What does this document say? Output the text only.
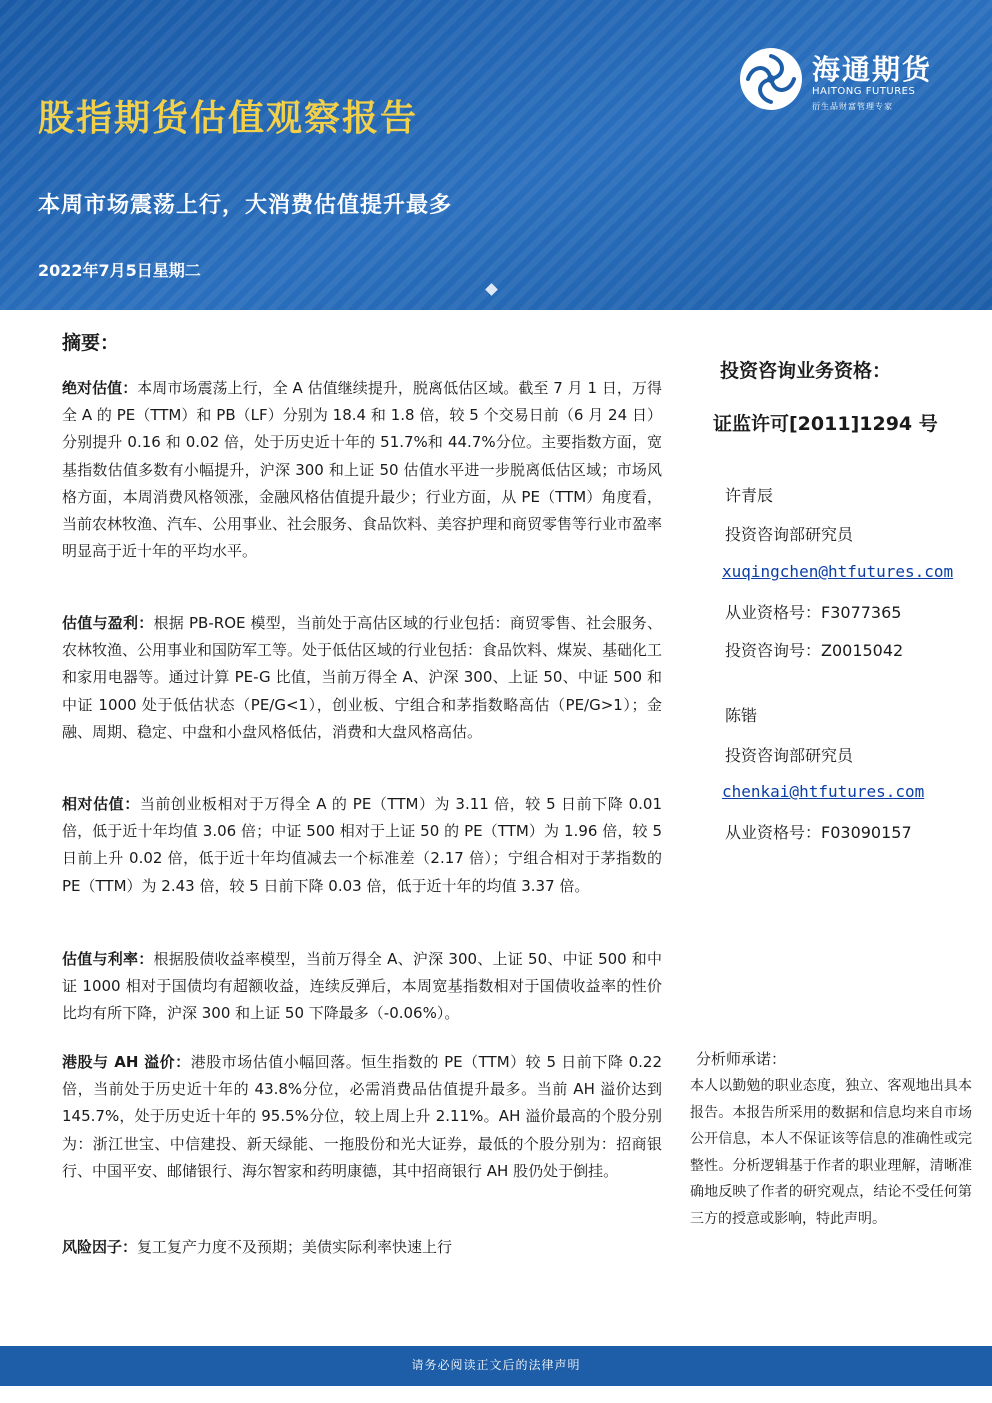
股指期货估值观察报告
本周市场震荡上行，大消费估值提升最多
2022年7月5日星期二
海通期货
HAITONG FUTURES
衍生品财富管理专家
摘要：

绝对估值：本周市场震荡上行，全 A 估值继续提升，脱离低估区域。截至 7 月 1 日，万得全 A 的 PE（TTM）和 PB（LF）分别为 18.4 和 1.8 倍，较 5 个交易日前（6 月 24 日）分别提升 0.16 和 0.02 倍，处于历史近十年的 51.7%和 44.7%分位。主要指数方面，宽基指数估值多数有小幅提升，沪深 300 和上证 50 估值水平进一步脱离低估区域；市场风格方面，本周消费风格领涨，金融风格估值提升最少；行业方面，从 PE（TTM）角度看，当前农林牧渔、汽车、公用事业、社会服务、食品饮料、美容护理和商贸零售等行业市盈率明显高于近十年的平均水平。

估值与盈利：根据 PB-ROE 模型，当前处于高估区域的行业包括：商贸零售、社会服务、农林牧渔、公用事业和国防军工等。处于低估区域的行业包括：食品饮料、煤炭、基础化工和家用电器等。通过计算 PE-G 比值，当前万得全 A、沪深 300、上证 50、中证 500 和中证 1000 处于低估状态（PE/G<1），创业板、宁组合和茅指数略高估（PE/G>1）；金融、周期、稳定、中盘和小盘风格低估，消费和大盘风格高估。

相对估值：当前创业板相对于万得全 A 的 PE（TTM）为 3.11 倍，较 5 日前下降 0.01 倍，低于近十年均值 3.06 倍；中证 500 相对于上证 50 的 PE（TTM）为 1.96 倍，较 5 日前上升 0.02 倍，低于近十年均值减去一个标准差（2.17 倍）；宁组合相对于茅指数的 PE（TTM）为 2.43 倍，较 5 日前下降 0.03 倍，低于近十年的均值 3.37 倍。

估值与利率：根据股债收益率模型，当前万得全 A、沪深 300、上证 50、中证 500 和中证 1000 相对于国债均有超额收益，连续反弹后，本周宽基指数相对于国债收益率的性价比均有所下降，沪深 300 和上证 50 下降最多（-0.06%）。

港股与 AH 溢价：港股市场估值小幅回落。恒生指数的 PE（TTM）较 5 日前下降 0.22 倍，当前处于历史近十年的 43.8%分位，必需消费品估值提升最多。当前 AH 溢价达到 145.7%，处于历史近十年的 95.5%分位，较上周上升 2.11%。AH 溢价最高的个股分别为：浙江世宝、中信建投、新天绿能、一拖股份和光大证券，最低的个股分别为：招商银行、中国平安、邮储银行、海尔智家和药明康德，其中招商银行 AH 股仍处于倒挂。

风险因子：复工复产力度不及预期；美债实际利率快速上行

投资咨询业务资格：
证监许可[2011]1294 号
许青辰
投资咨询部研究员
xuqingchen@htfutures.com
从业资格号：F3077365
投资咨询号：Z0015042
陈锴
投资咨询部研究员
chenkai@htfutures.com
从业资格号：F03090157
分析师承诺：

本人以勤勉的职业态度，独立、客观地出具本报告。本报告所采用的数据和信息均来自市场公开信息，本人不保证该等信息的准确性或完整性。分析逻辑基于作者的职业理解，清晰准确地反映了作者的研究观点，结论不受任何第三方的授意或影响，特此声明。

请务必阅读正文后的法律声明
